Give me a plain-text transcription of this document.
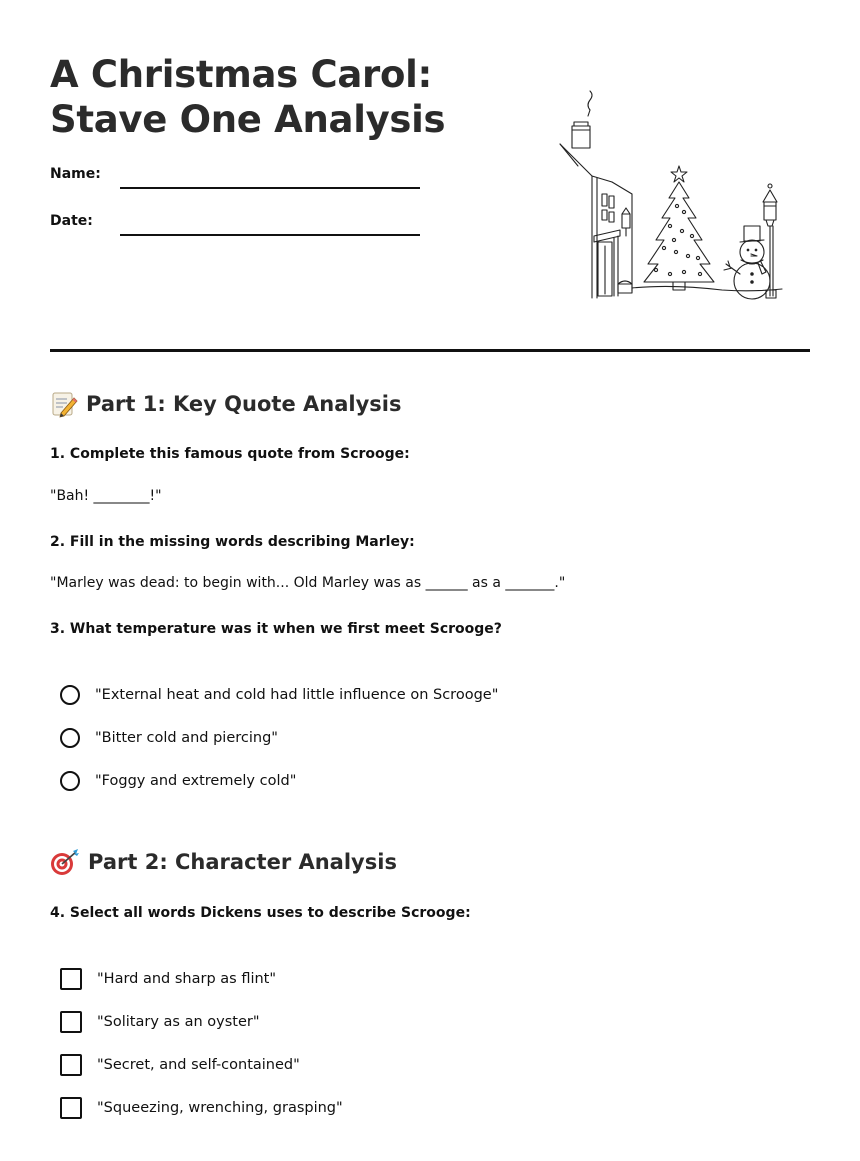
A Christmas Carol: Stave One Analysis
Name:
Date:
Part 1: Key Quote Analysis
1. Complete this famous quote from Scrooge:
"Bah! ________!"
2. Fill in the missing words describing Marley:
"Marley was dead: to begin with... Old Marley was as ______ as a _______."
3. What temperature was it when we first meet Scrooge?
"External heat and cold had little influence on Scrooge"
"Bitter cold and piercing"
"Foggy and extremely cold"
Part 2: Character Analysis
4. Select all words Dickens uses to describe Scrooge:
"Hard and sharp as flint"
"Solitary as an oyster"
"Secret, and self-contained"
"Squeezing, wrenching, grasping"
